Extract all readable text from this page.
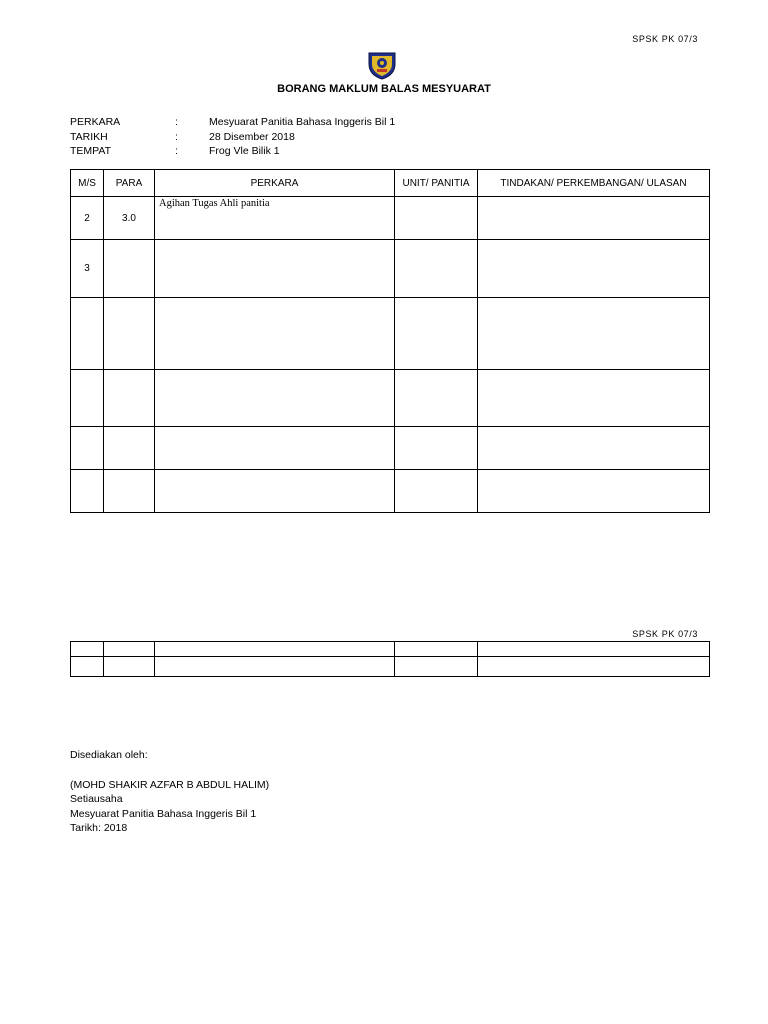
SPSK PK 07/3
BORANG MAKLUM BALAS MESYUARAT
PERKARA	:	Mesyuarat Panitia Bahasa Inggeris Bil 1
TARIKH	:	28 Disember 2018
TEMPAT	:	Frog Vle Bilik 1
M/S	PARA	PERKARA	UNIT/ PANITIA	TINDAKAN/ PERKEMBANGAN/ ULASAN
2	3.0	Agihan Tugas Ahli panitia		

3		

SPSK PK 07/3

Disediakan oleh:
(MOHD SHAKIR AZFAR B ABDUL HALIM)
Setiausaha
Mesyuarat Panitia Bahasa Inggeris Bil 1
Tarikh: 2018
